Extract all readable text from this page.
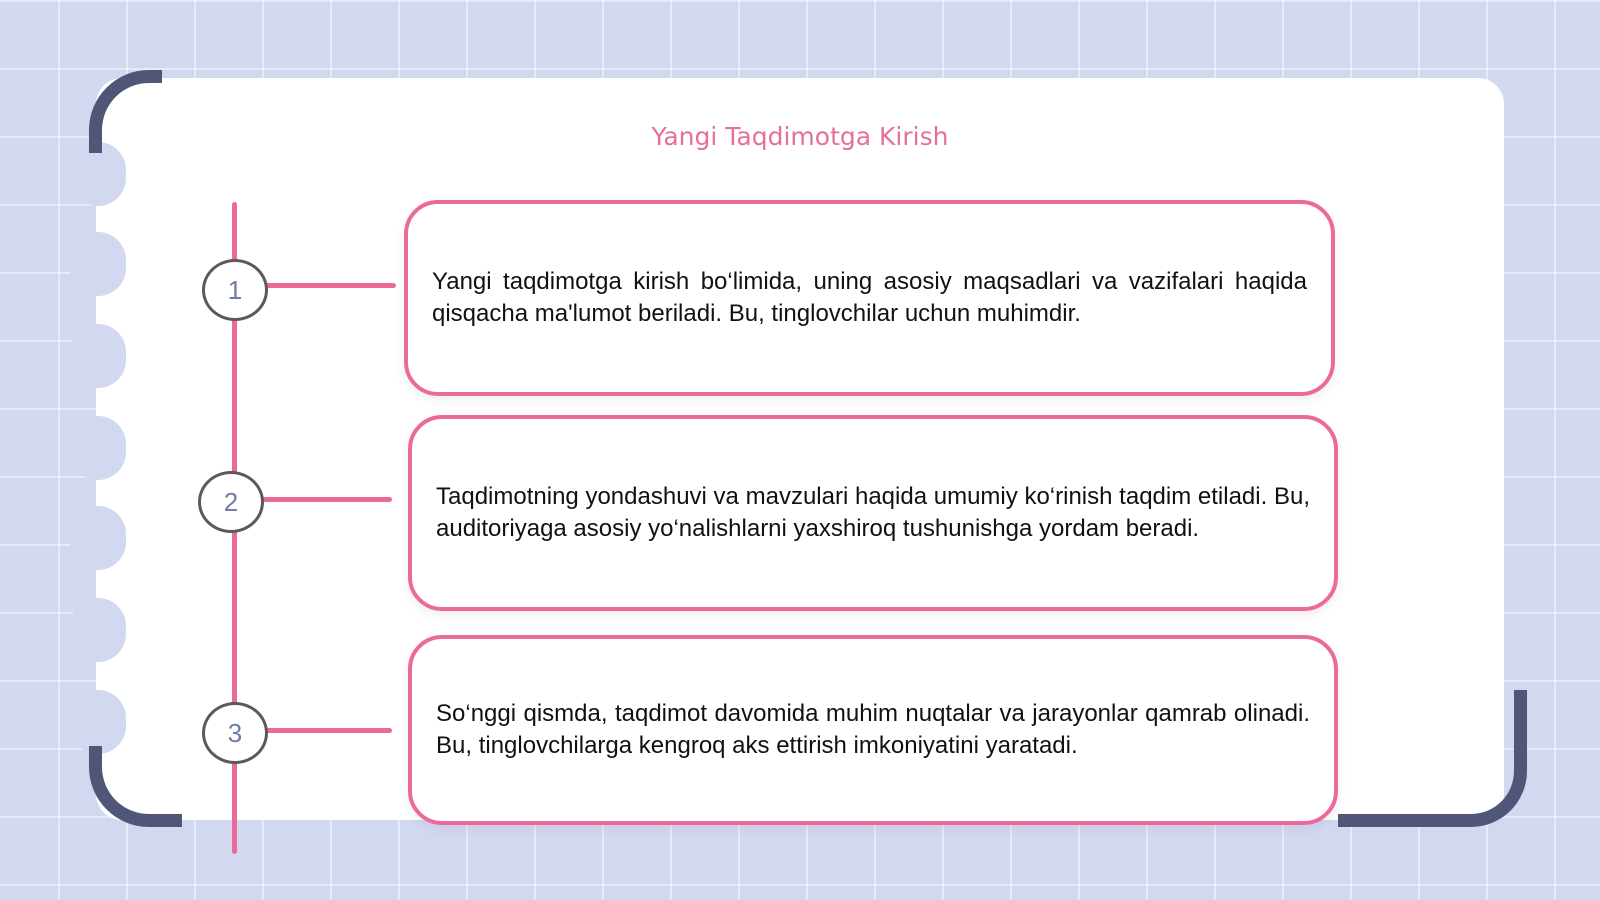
Yangi Taqdimotga Kirish
1
2
3

Yangi taqdimotga kirish bo‘limida, uning asosiy maqsadlari va vazifalari haqida qisqacha ma'lumot beriladi. Bu, tinglovchilar uchun muhimdir.

Taqdimotning yondashuvi va mavzulari haqida umumiy ko‘rinish taqdim etiladi. Bu, auditoriyaga asosiy yo‘nalishlarni yaxshiroq tushunishga yordam beradi.

So‘nggi qismda, taqdimot davomida muhim nuqtalar va jarayonlar qamrab olinadi. Bu, tinglovchilarga kengroq aks ettirish imkoniyatini yaratadi.
